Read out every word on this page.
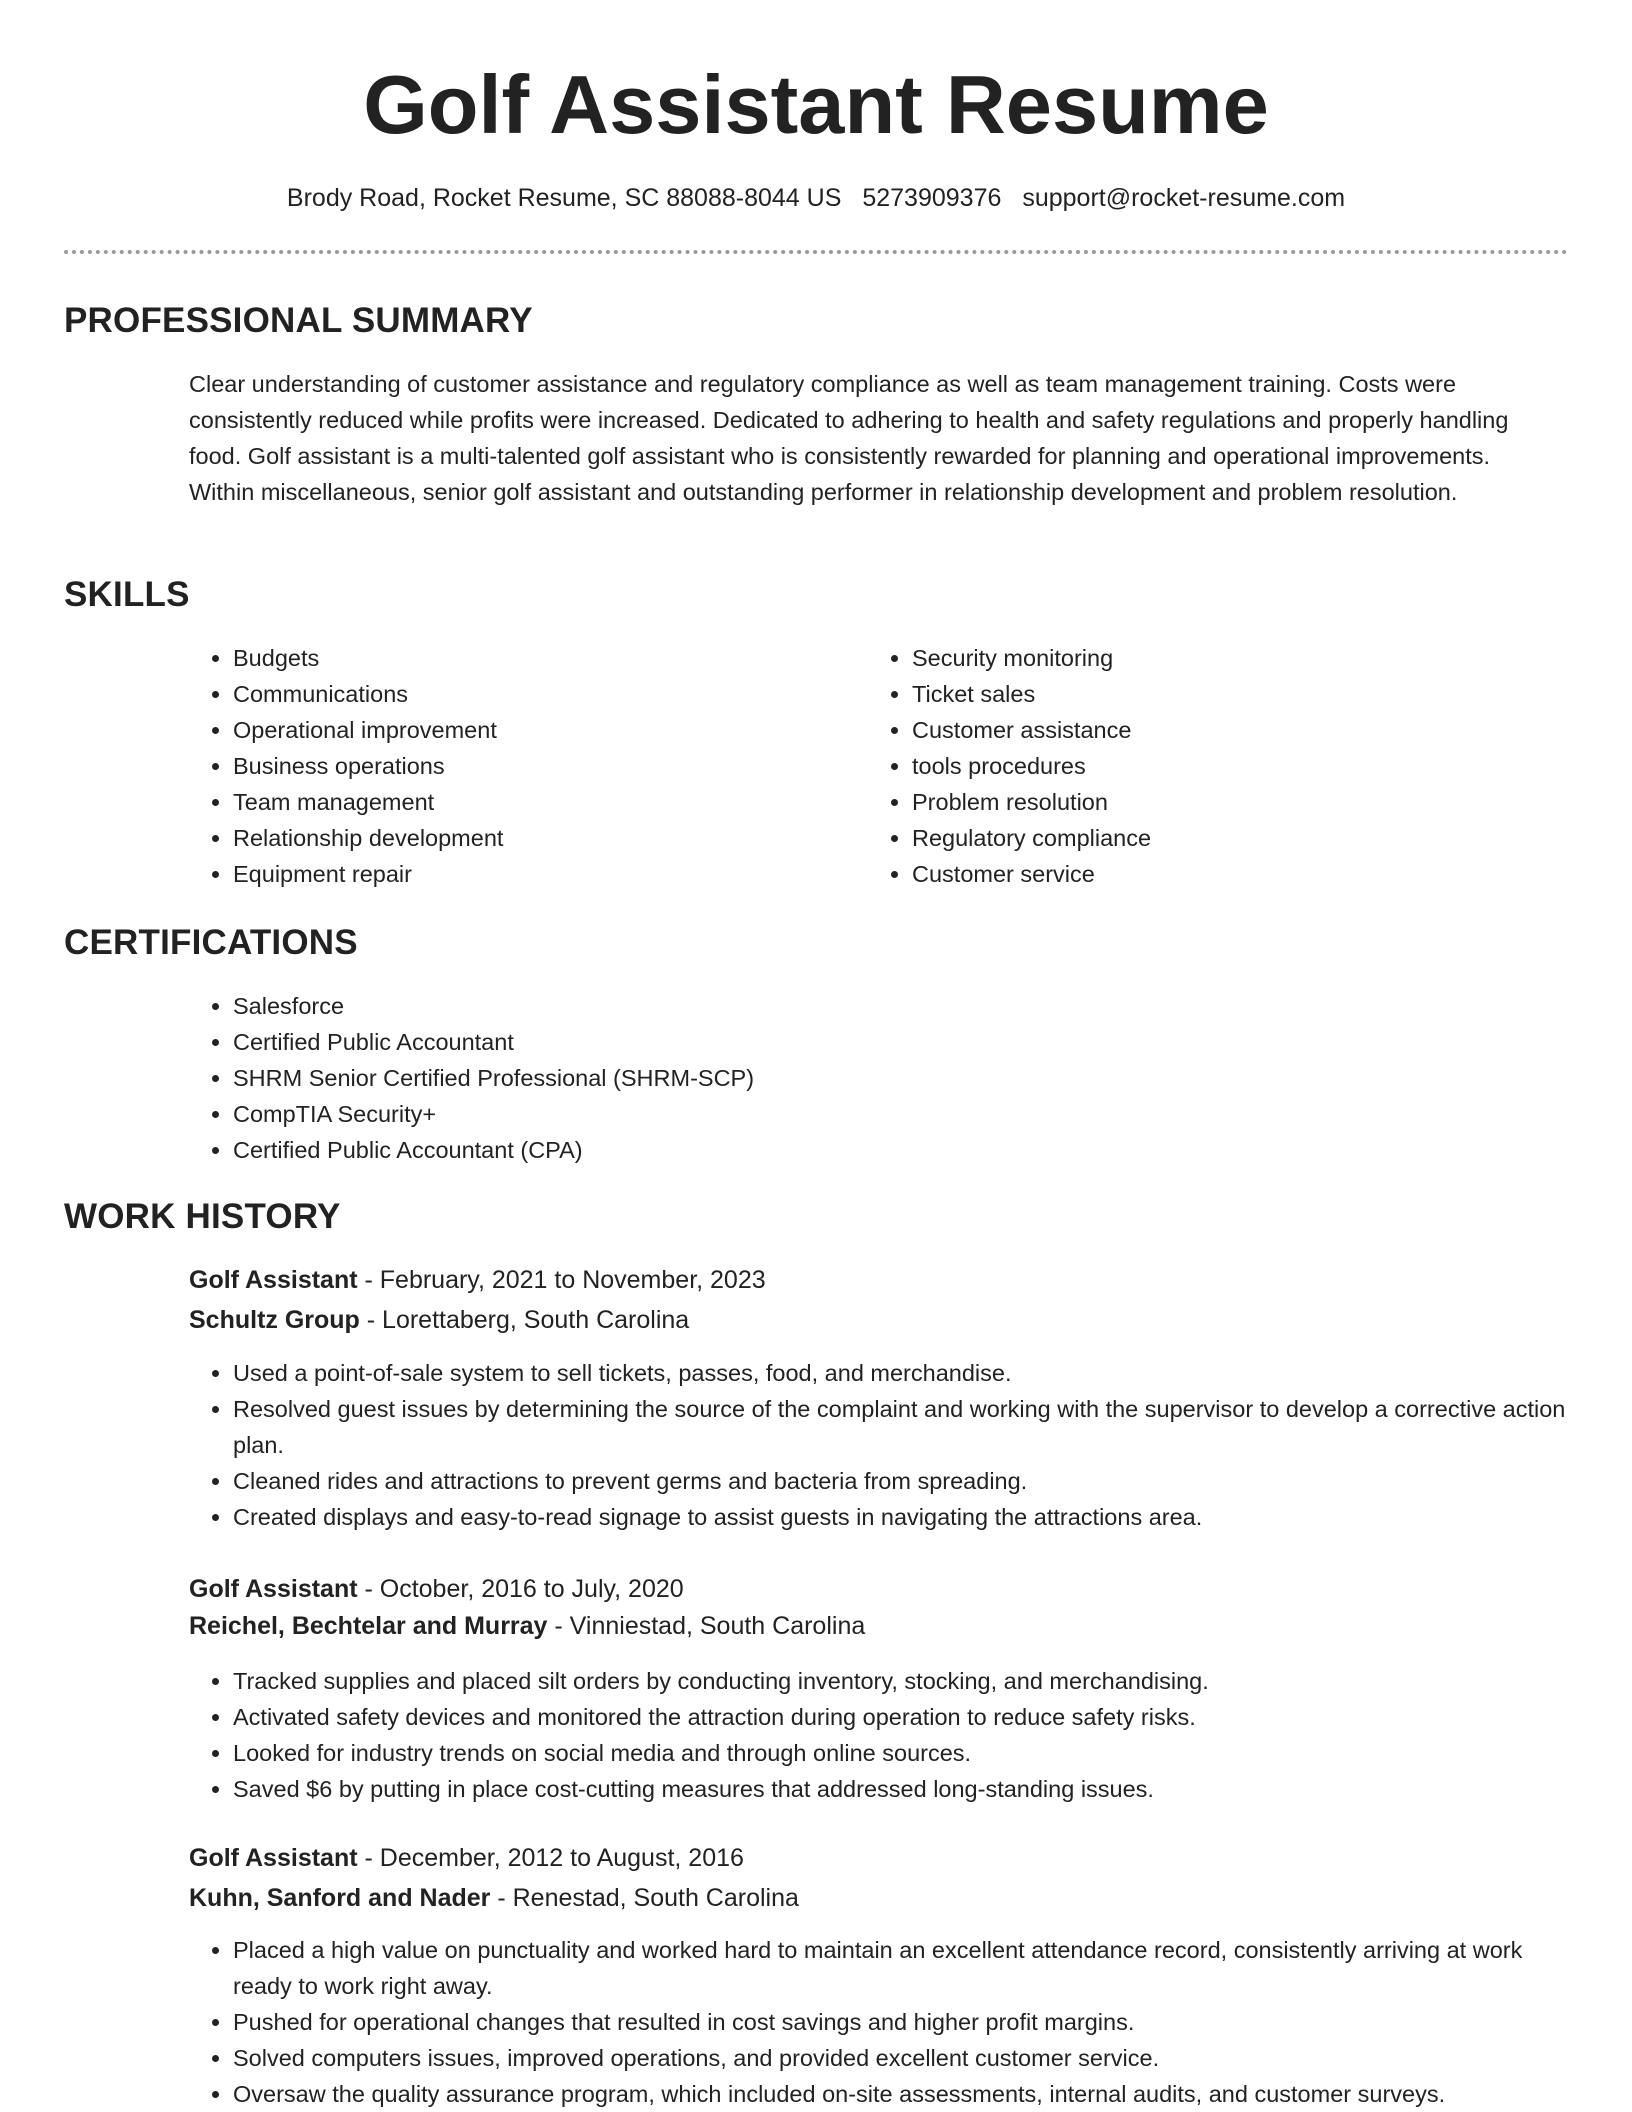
Golf Assistant Resume
Brody Road, Rocket Resume, SC 88088-8044 US 5273909376 support@rocket-resume.com
PROFESSIONAL SUMMARY

Clear understanding of customer assistance and regulatory compliance as well as team management training. Costs were consistently reduced while profits were increased. Dedicated to adhering to health and safety regulations and properly handling food. Golf assistant is a multi-talented golf assistant who is consistently rewarded for planning and operational improvements. Within miscellaneous, senior golf assistant and outstanding performer in relationship development and problem resolution.

SKILLS
• Budgets
• Communications
• Operational improvement
• Business operations
• Team management
• Relationship development
• Equipment repair
• Security monitoring
• Ticket sales
• Customer assistance
• tools procedures
• Problem resolution
• Regulatory compliance
• Customer service
CERTIFICATIONS
• Salesforce
• Certified Public Accountant
• SHRM Senior Certified Professional (SHRM-SCP)
• CompTIA Security+
• Certified Public Accountant (CPA)
WORK HISTORY
Golf Assistant - February, 2021 to November, 2023
Schultz Group - Lorettaberg, South Carolina
• Used a point-of-sale system to sell tickets, passes, food, and merchandise.
• Resolved guest issues by determining the source of the complaint and working with the supervisor to develop a corrective action plan.
• Cleaned rides and attractions to prevent germs and bacteria from spreading.
• Created displays and easy-to-read signage to assist guests in navigating the attractions area.
Golf Assistant - October, 2016 to July, 2020
Reichel, Bechtelar and Murray - Vinniestad, South Carolina
• Tracked supplies and placed silt orders by conducting inventory, stocking, and merchandising.
• Activated safety devices and monitored the attraction during operation to reduce safety risks.
• Looked for industry trends on social media and through online sources.
• Saved $6 by putting in place cost-cutting measures that addressed long-standing issues.
Golf Assistant - December, 2012 to August, 2016
Kuhn, Sanford and Nader - Renestad, South Carolina
• Placed a high value on punctuality and worked hard to maintain an excellent attendance record, consistently arriving at work ready to work right away.
• Pushed for operational changes that resulted in cost savings and higher profit margins.
• Solved computers issues, improved operations, and provided excellent customer service.
• Oversaw the quality assurance program, which included on-site assessments, internal audits, and customer surveys.
